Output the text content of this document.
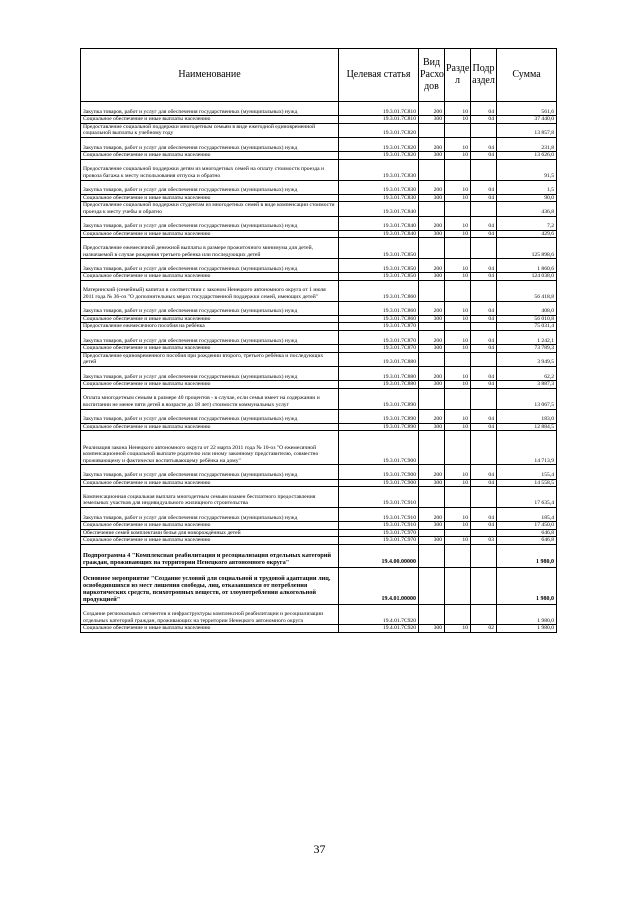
Наименование	Целевая статья	Вид Расхо дов	Разде л	Подр аздел	Сумма
Закупка товаров, работ и услуг для обеспечения государственных (муниципальных) нужд	19.3.01.7С810	200	10	04	561,6
Социальное обеспечение и иные выплаты населению	19.3.01.7С810	300	10	04	37 440,0
Предоставление социальной поддержки многодетным семьям в виде ежегодной единовременной социальной выплаты к учебному году	19.3.01.7С820				13 857,8
Закупка товаров, работ и услуг для обеспечения государственных (муниципальных) нужд	19.3.01.7С820	200	10	04	231,8
Социальное обеспечение и иные выплаты населению	19.3.01.7С820	300	10	04	13 626,0
Предоставление социальной поддержки детям из многодетных семей на оплату стоимости проезда и провоза багажа к месту использования отпуска и обратно	19.3.01.7С830				91,5
Закупка товаров, работ и услуг для обеспечения государственных (муниципальных) нужд	19.3.01.7С830	200	10	04	1,5
Социальное обеспечение и иные выплаты населению	19.3.01.7С830	300	10	04	90,0
Предоставление социальной поддержки студентам из многодетных семей в виде компенсации стоимости проезда к месту учебы и обратно	19.3.01.7С840				436,8
Закупка товаров, работ и услуг для обеспечения государственных (муниципальных) нужд	19.3.01.7С840	200	10	04	7,2
Социальное обеспечение и иные выплаты населению	19.3.01.7С840	300	10	04	429,6
Предоставление ежемесячной денежной выплаты в размере прожиточного минимума для детей, назначаемой в случае рождения третьего ребенка или последующих детей	19.3.01.7С850				125 898,6
Закупка товаров, работ и услуг для обеспечения государственных (муниципальных) нужд	19.3.01.7С850	200	10	04	1 860,6
Социальное обеспечение и иные выплаты населению	19.3.01.7С850	300	10	04	124 038,0
Материнский (семейный) капитал в соответствии с законом Ненецкого автономного округа от 1 июля 2011 года № 36-оз "О дополнительных мерах государственной поддержки семей, имеющих детей"	19.3.01.7С860				56 418,8
Закупка товаров, работ и услуг для обеспечения государственных (муниципальных) нужд	19.3.01.7С860	200	10	04	408,0
Социальное обеспечение и иные выплаты населению	19.3.01.7С860	300	10	04	56 010,8
Предоставление ежемесячного пособия на ребёнка	19.3.01.7С870				75 031,4
Закупка товаров, работ и услуг для обеспечения государственных (муниципальных) нужд	19.3.01.7С870	200	10	04	1 242,1
Социальное обеспечение и иные выплаты населению	19.3.01.7С870	300	10	04	73 789,3
Предоставление единовременного пособия при рождении второго, третьего ребёнка и последующих детей	19.3.01.7С880				3 949,5
Закупка товаров, работ и услуг для обеспечения государственных (муниципальных) нужд	19.3.01.7С880	200	10	04	62,2
Социальное обеспечение и иные выплаты населению	19.3.01.7С880	300	10	04	3 887,3
Оплата многодетным семьям в размере 40 процентов - в случае, если семья имеет на содержании и воспитании не менее пяти детей в возрасте до 18 лет) стоимости коммунальных услуг	19.3.01.7С890				13 067,5
Закупка товаров, работ и услуг для обеспечения государственных (муниципальных) нужд	19.3.01.7С890	200	10	04	183,0
Социальное обеспечение и иные выплаты населению	19.3.01.7С890	300	10	04	12 884,5
Реализация закона Ненецкого автономного округа от 22 марта 2011 года № 10-оз "О ежемесячной компенсационной социальной выплате родителю или иному законному представителю, совместно проживающему и фактически воспитывающему ребёнка на дому"	19.3.01.7С900				14 713,9
Закупка товаров, работ и услуг для обеспечения государственных (муниципальных) нужд	19.3.01.7С900	200	10	04	155,4
Социальное обеспечение и иные выплаты населению	19.3.01.7С900	300	10	04	14 558,5
Компенсационная социальная выплата многодетным семьям взамен бесплатного предоставления земельных участков для индивидуального жилищного строительства	19.3.01.7С910				17 635,4
Закупка товаров, работ и услуг для обеспечения государственных (муниципальных) нужд	19.3.01.7С910	200	10	04	185,4
Социальное обеспечение и иные выплаты населению	19.3.01.7С910	300	10	04	17 450,0
Обеспечение семей комплектами белья для новорождённых детей	19.3.01.7С970				646,8
Социальное обеспечение и иные выплаты населению	19.3.01.7С970	300	10	03	646,8
Подпрограмма 4 "Комплексная реабилитация и ресоциализация отдельных категорий граждан, проживающих на территории Ненецкого автономного округа"	19.4.00.00000				1 980,0
Основное мероприятие "Создание условий для социальной и трудовой адаптации лиц, освободившихся из мест лишения свободы, лиц, отказавшихся от потребления наркотических средств, психотропных веществ, от злоупотребления алкогольной продукцией"	19.4.01.00000				1 980,0
Создание региональных сегментов и инфраструктуры комплексной реабилитации и ресоциализации отдельных категорий граждан, проживающих на территории Ненецкого автономного округа	19.4.01.7С920				1 980,0
Социальное обеспечение и иные выплаты населению	19.4.01.7С920	300	10	02	1 980,0
37
